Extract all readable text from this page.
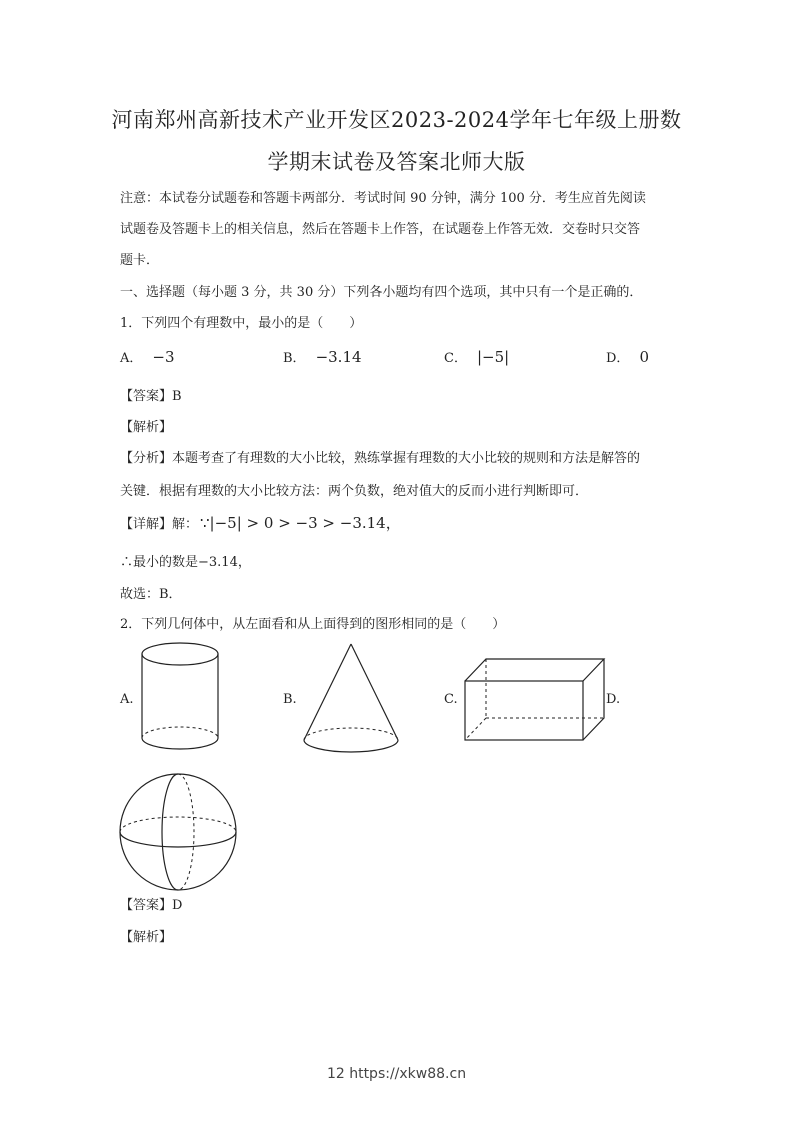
河南郑州高新技术产业开发区2023-2024学年七年级上册数
学期末试卷及答案北师大版
注意：本试卷分试题卷和答题卡两部分．考试时间 90 分钟，满分 100 分．考生应首先阅读
试题卷及答题卡上的相关信息，然后在答题卡上作答，在试题卷上作答无效．交卷时只交答
题卡．
一、选择题（每小题 3 分，共 30 分）下列各小题均有四个选项，其中只有一个是正确的．
1．下列四个有理数中，最小的是（　　）
A． −3	B． −3.14	C． |−5|	D． 0
【答案】B
【解析】
【分析】本题考查了有理数的大小比较，熟练掌握有理数的大小比较的规则和方法是解答的
关键．根据有理数的大小比较方法：两个负数，绝对值大的反而小进行判断即可．
【详解】解： ∵|−5| > 0 > −3 > −3.14，
∴最小的数是−3.14，
故选：B．
2．下列几何体中，从左面看和从上面得到的图形相同的是（　　）
A.	B.	C.	D.
【答案】D
【解析】
12 https://xkw88.cn
